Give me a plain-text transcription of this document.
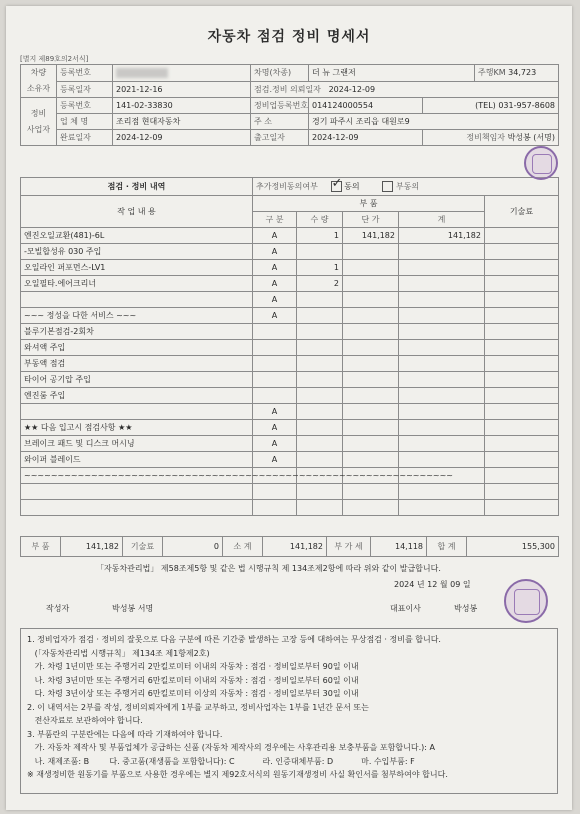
자동차 점검 정비 명세서
[별지 제89호의2서식]
차량
소유자	등록번호		차명(차종)	더 뉴 그랜저		주행KM 34,723
	등록일자	2021-12-16	점검.정비 의뢰일자 2024-12-09			
정비
사업자	등록번호	141-02-33830	정비업등록번호	014124000554	(TEL) 031-957-8608	
	업 체 명	조리점 현대자동차	주 소	경기 파주시 조리읍 대원로9		
	완료일자	2024-12-09	출고일자	2024-12-09	정비책임자 박성봉 (서명)	
점검 · 정비 내역	추가정비동의여부 ✓ 동의 부동의				
작 업 내 용	부 품				기술료
	구 분	수 량	단 가	계	
엔진오일교환(481)-6L	A	1	141,182	141,182	
-모빌합성유 030 주입	A				
오일라인 퍼포먼스-LV1	A	1			
오일필타.에어크리너	A	2			
	A				
~~~ 정성을 다한 서비스 ~~~	A				
블루기본점검-2회차					
와셔액 주입					
부동액 점검					
타이어 공기압 주입					
엔진룸 주입					
	A				
★★ 다음 입고시 점검사항 ★★	A				
브레이크 패드 및 디스크 머시닝	A				
와이퍼 블레이드	A				
~~~~~~~~~~~~~~~~~~~~~~~~~~~~~~~~~~~~~~~~~~~~~~~~~~~~~~~~~~~~~~~~					

부 품	141,182	기술료	0	소 계	141,182	부 가 세	14,118	합 계	155,300
「자동차관리법」 제58조제5항 및 같은 법 시행규칙 제 134조제2항에 따라 위와 같이 발급합니다.
2024 년 12 월 09 일
작성자	박성봉 서명	대표이사	박성봉
1. 정비업자가 점검 · 정비의 잘못으로 다음 구분에 따른 기간중 발생하는 고장 등에 대하여는 무상점검 · 정비를 합니다.
(「자동차관리법 시행규칙」 제134조 제1항제2호)
가. 차령 1년미만 또는 주행거리 2만킬로미터 이내의 자동차 : 점검 · 정비일로부터 90일 이내
나. 차령 3년미만 또는 주행거리 6만킬로미터 이내의 자동차 : 점검 · 정비일로부터 60일 이내
다. 차령 3년이상 또는 주행거리 6만킬로미터 이상의 자동차 : 점검 · 정비일로부터 30일 이내
2. 이 내역서는 2부를 작성, 정비의뢰자에게 1부를 교부하고, 정비사업자는 1부를 1년간 문서 또는
전산자료로 보관하여야 합니다.
3. 부품란의 구분란에는 다음에 따라 기재하여야 합니다.
가. 자동차 제작사 및 부품업체가 공급하는 신품 (자동차 제작사의 경우에는 사후관리용 보충부품을 포함합니다.): A
나. 재제조품: B        다. 중고품(재생품을 포함합니다): C           라. 인증대체부품: D           마. 수입부품: F
※ 재생정비한 원동기를 부품으로 사용한 경우에는 별지 제92호서식의 원동기재생정비 사실 확인서를 첨부하여야 합니다.
